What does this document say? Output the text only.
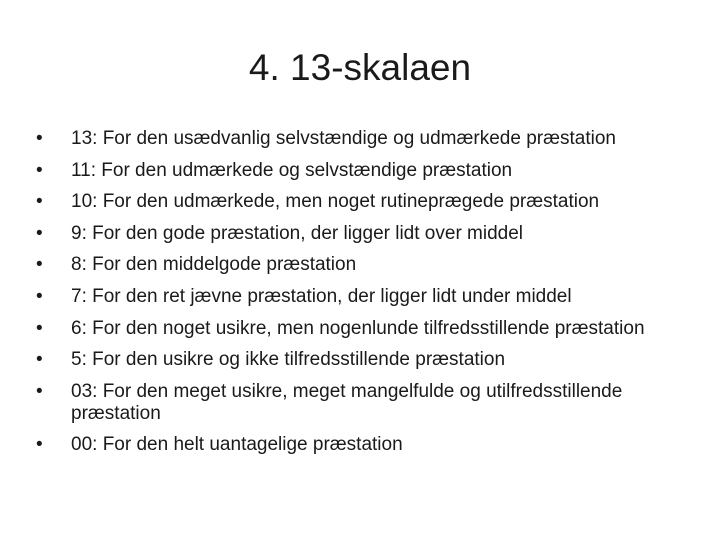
4. 13-skalaen
•	13: For den usædvanlig selvstændige og udmærkede præstation
•	11: For den udmærkede og selvstændige præstation
•	10: For den udmærkede, men noget rutineprægede præstation
•	9: For den gode præstation, der ligger lidt over middel
•	8: For den middelgode præstation
•	7: For den ret jævne præstation, der ligger lidt under middel
•	6: For den noget usikre, men nogenlunde tilfredsstillende præstation
•	5: For den usikre og ikke tilfredsstillende præstation
•	03: For den meget usikre, meget mangelfulde og utilfredsstillende præstation
•	00: For den helt uantagelige præstation
